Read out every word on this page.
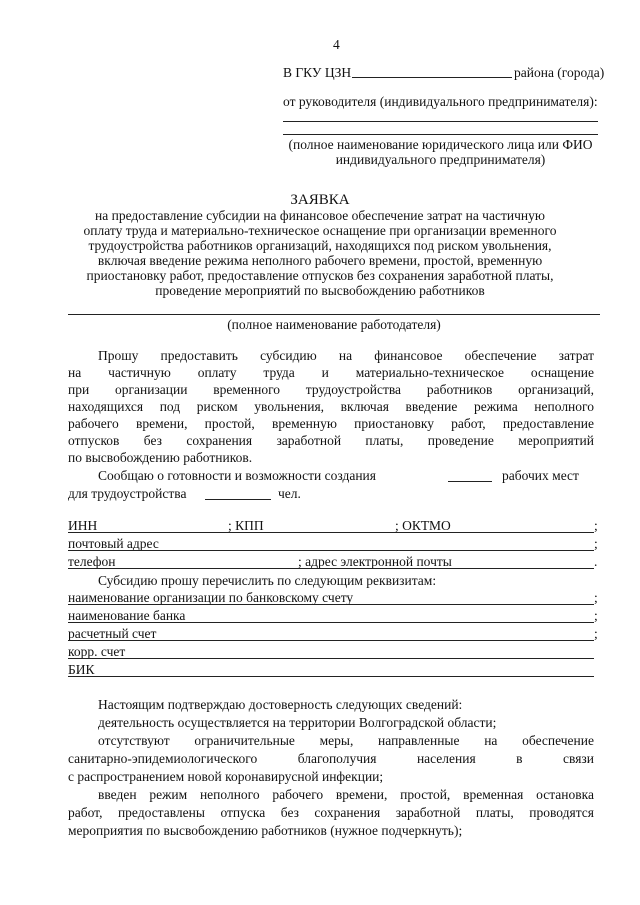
4
В ГКУ ЦЗН	района (города)
от руководителя (индивидуального предпринимателя):
(полное наименование юридического лица или ФИО
индивидуального предпринимателя)
ЗАЯВКА
на предоставление субсидии на финансовое обеспечение затрат на частичную
оплату труда и материально-техническое оснащение при организации временного
трудоустройства работников организаций, находящихся под риском увольнения,
включая введение режима неполного рабочего времени, простой, временную
приостановку работ, предоставление отпусков без сохранения заработной платы,
проведение мероприятий по высвобождению работников
(полное наименование работодателя)
Прошу предоставить субсидию на финансовое обеспечение затрат
на частичную оплату труда и материально-техническое оснащение
при организации временного трудоустройства работников организаций,
находящихся под риском увольнения, включая введение режима неполного
рабочего времени, простой, временную приостановку работ, предоставление
отпусков без сохранения заработной платы, проведение мероприятий
по высвобождению работников.
Сообщаю о готовности и возможности создания	рабочих мест
для трудоустройства	чел.
ИНН	; КПП	; ОКТМО	;
почтовый адрес	;
телефон	; адрес электронной почты	.
Субсидию прошу перечислить по следующим реквизитам:
наименование организации по банковскому счету	;
наименование банка	;
расчетный счет	;
корр. счет
БИК
Настоящим подтверждаю достоверность следующих сведений:
деятельность осуществляется на территории Волгоградской области;
отсутствуют ограничительные меры, направленные на обеспечение
санитарно-эпидемиологического благополучия населения в связи
с распространением новой коронавирусной инфекции;
введен режим неполного рабочего времени, простой, временная остановка
работ, предоставлены отпуска без сохранения заработной платы, проводятся
мероприятия по высвобождению работников (нужное подчеркнуть);
